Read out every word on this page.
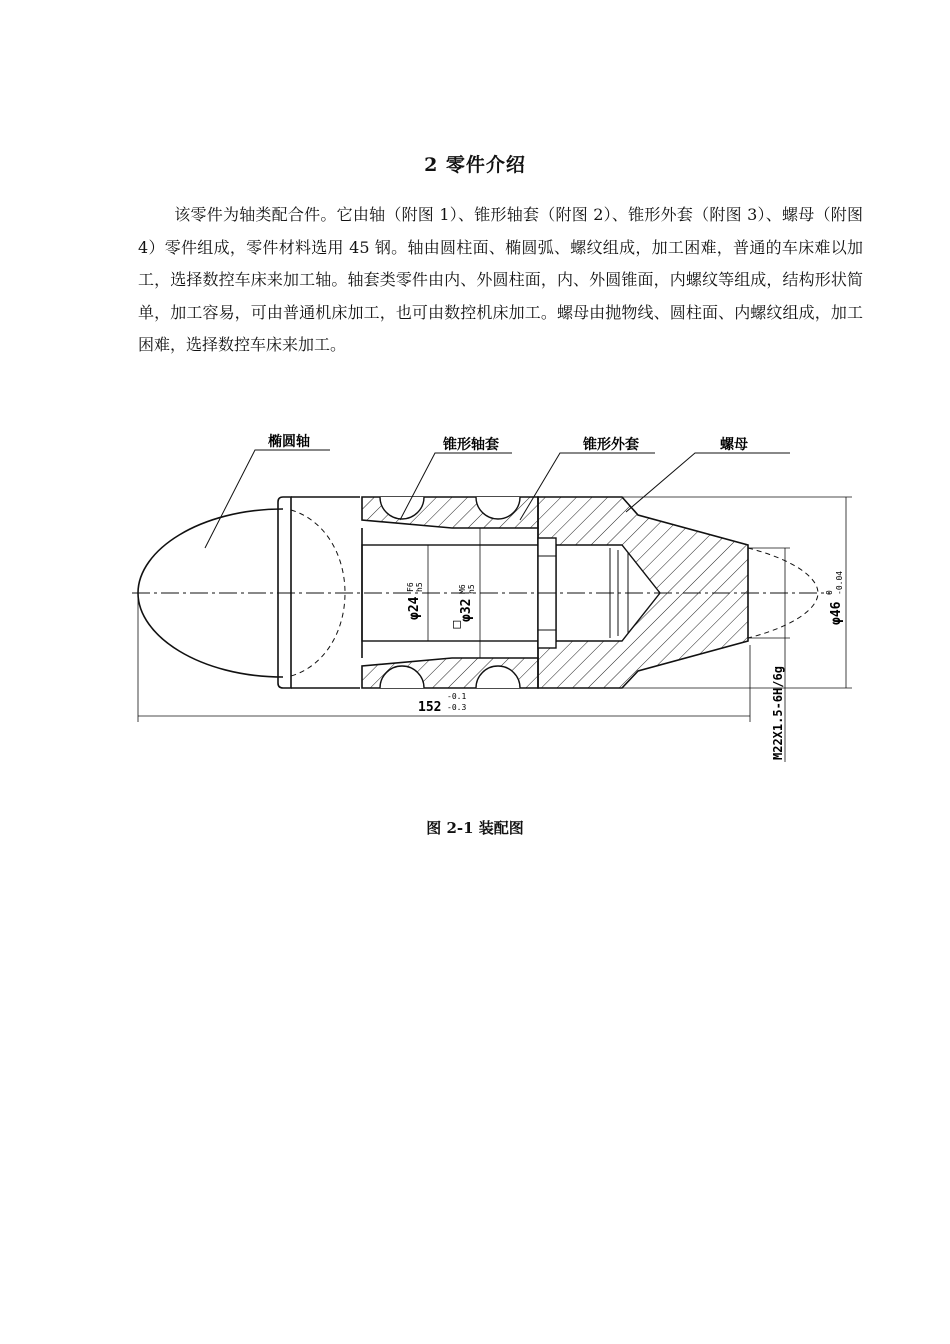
2 零件介绍

该零件为轴类配合件。它由轴（附图 1）、锥形轴套（附图 2）、锥形外套（附图 3）、螺母（附图 4）零件组成，零件材料选用 45 钢。轴由圆柱面、椭圆弧、螺纹组成，加工困难，普通的车床难以加工，选择数控车床来加工轴。轴套类零件由内、外圆柱面，内、外圆锥面，内螺纹等组成，结构形状简单，加工容易，可由普通机床加工，也可由数控机床加工。螺母由抛物线、圆柱面、内螺纹组成，加工困难，选择数控车床来加工。

椭圆轴	锥形轴套	锥形外套	螺母
φ24
F6 h5
φ32
M6 h5
□	φ46
0 -0.04
M22X1.5-6H/6g
152
-0.1
-0.3
图 2-1 装配图
